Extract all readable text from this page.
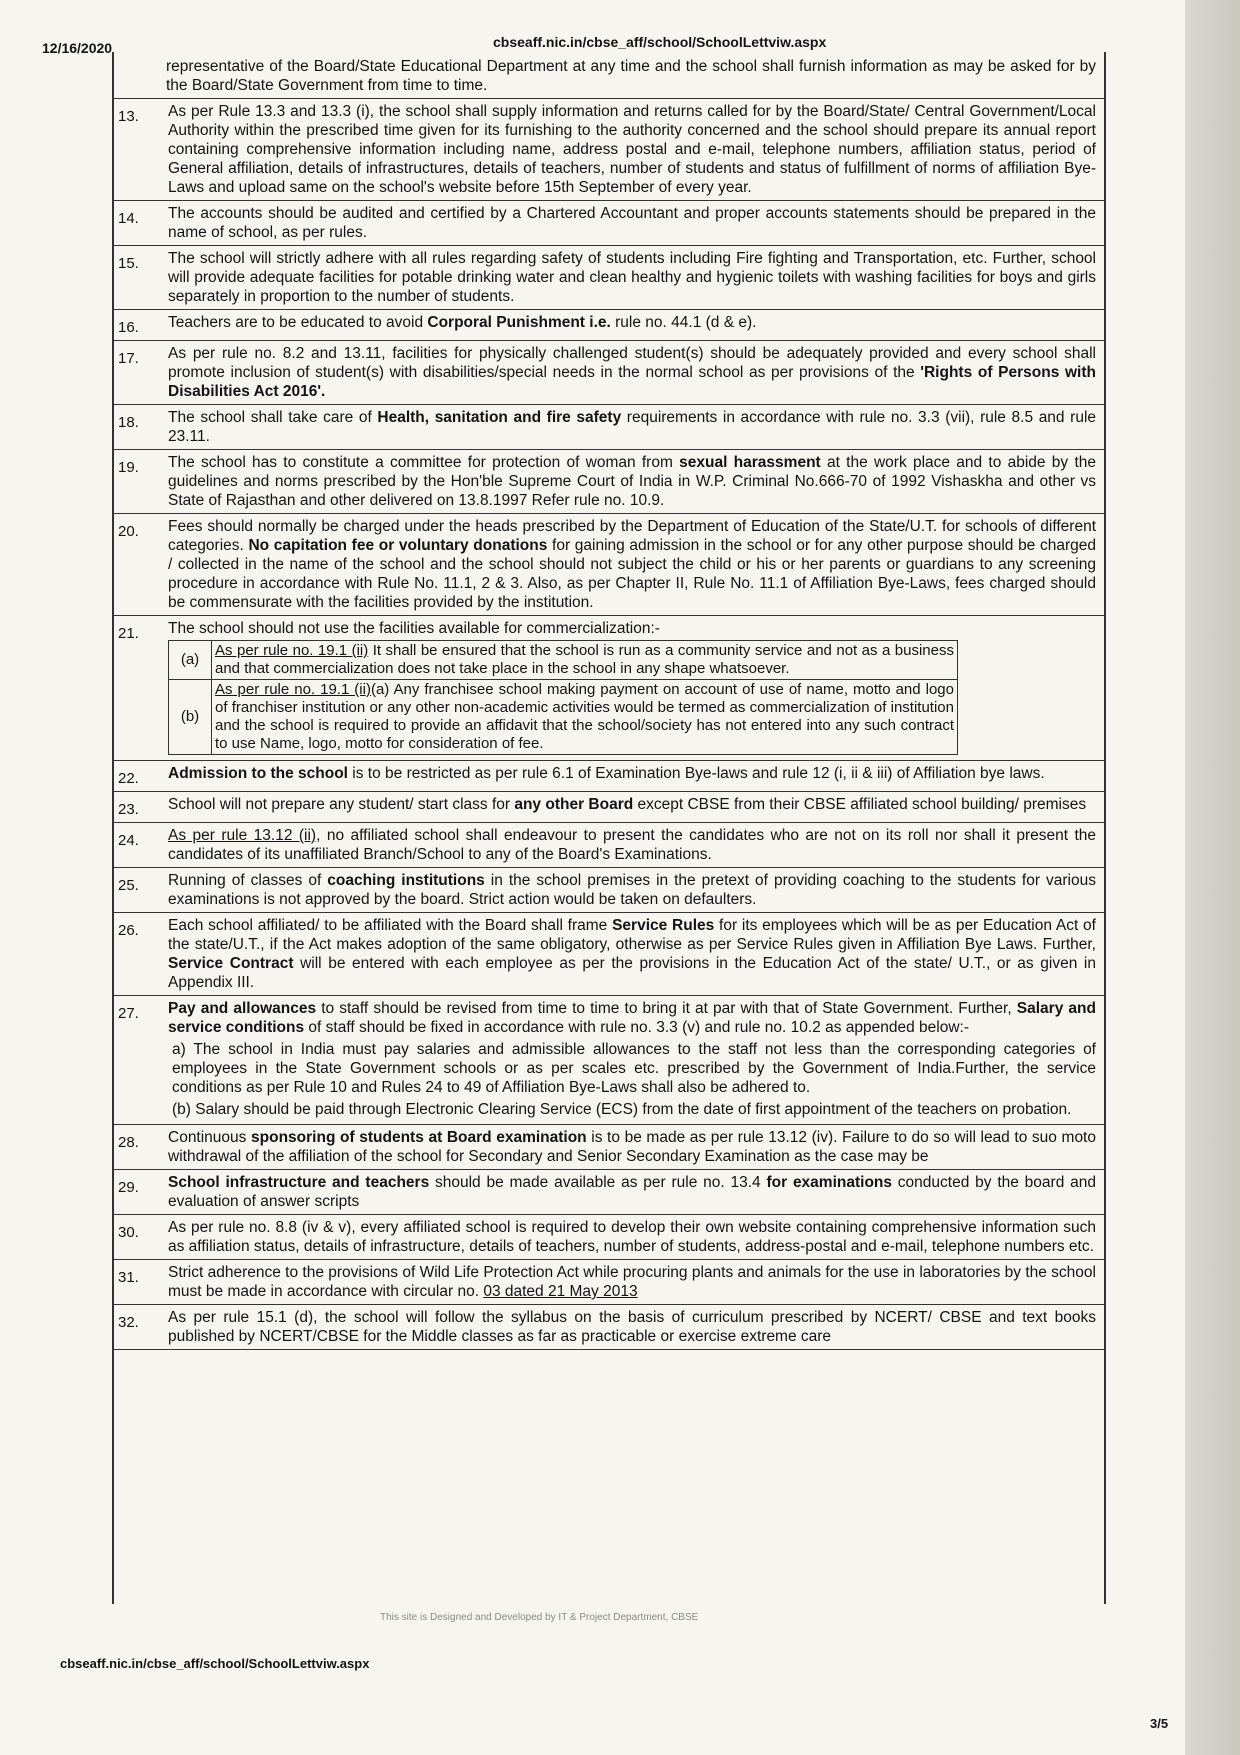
12/16/2020	cbseaff.nic.in/cbse_aff/school/SchoolLettviw.aspx
representative of the Board/State Educational Department at any time and the school shall furnish information as may be asked for by the Board/State Government from time to time.
13.	As per Rule 13.3 and 13.3 (i), the school shall supply information and returns called for by the Board/State/ Central Government/Local Authority within the prescribed time given for its furnishing to the authority concerned and the school should prepare its annual report containing comprehensive information including name, address postal and e-mail, telephone numbers, affiliation status, period of General affiliation, details of infrastructures, details of teachers, number of students and status of fulfillment of norms of affiliation Bye-Laws and upload same on the school's website before 15th September of every year.
14.	The accounts should be audited and certified by a Chartered Accountant and proper accounts statements should be prepared in the name of school, as per rules.
15.	The school will strictly adhere with all rules regarding safety of students including Fire fighting and Transportation, etc. Further, school will provide adequate facilities for potable drinking water and clean healthy and hygienic toilets with washing facilities for boys and girls separately in proportion to the number of students.
16.	Teachers are to be educated to avoid Corporal Punishment i.e. rule no. 44.1 (d & e).
17.	As per rule no. 8.2 and 13.11, facilities for physically challenged student(s) should be adequately provided and every school shall promote inclusion of student(s) with disabilities/special needs in the normal school as per provisions of the 'Rights of Persons with Disabilities Act 2016'.
18.	The school shall take care of Health, sanitation and fire safety requirements in accordance with rule no. 3.3 (vii), rule 8.5 and rule 23.11.
19.	The school has to constitute a committee for protection of woman from sexual harassment at the work place and to abide by the guidelines and norms prescribed by the Hon'ble Supreme Court of India in W.P. Criminal No.666-70 of 1992 Vishaskha and other vs State of Rajasthan and other delivered on 13.8.1997 Refer rule no. 10.9.
20.	Fees should normally be charged under the heads prescribed by the Department of Education of the State/U.T. for schools of different categories. No capitation fee or voluntary donations for gaining admission in the school or for any other purpose should be charged / collected in the name of the school and the school should not subject the child or his or her parents or guardians to any screening procedure in accordance with Rule No. 11.1, 2 & 3. Also, as per Chapter II, Rule No. 11.1 of Affiliation Bye-Laws, fees charged should be commensurate with the facilities provided by the institution.
21.	The school should not use the facilities available for commercialization:-
(a)	As per rule no. 19.1 (ii) It shall be ensured that the school is run as a community service and not as a business and that commercialization does not take place in the school in any shape whatsoever.
(b)	As per rule no. 19.1 (ii)(a) Any franchisee school making payment on account of use of name, motto and logo of franchiser institution or any other non-academic activities would be termed as commercialization of institution and the school is required to provide an affidavit that the school/society has not entered into any such contract to use Name, logo, motto for consideration of fee.
22.	Admission to the school is to be restricted as per rule 6.1 of Examination Bye-laws and rule 12 (i, ii & iii) of Affiliation bye laws.
23.	School will not prepare any student/ start class for any other Board except CBSE from their CBSE affiliated school building/ premises
24.	As per rule 13.12 (ii), no affiliated school shall endeavour to present the candidates who are not on its roll nor shall it present the candidates of its unaffiliated Branch/School to any of the Board's Examinations.
25.	Running of classes of coaching institutions in the school premises in the pretext of providing coaching to the students for various examinations is not approved by the board. Strict action would be taken on defaulters.
26.	Each school affiliated/ to be affiliated with the Board shall frame Service Rules for its employees which will be as per Education Act of the state/U.T., if the Act makes adoption of the same obligatory, otherwise as per Service Rules given in Affiliation Bye Laws. Further, Service Contract will be entered with each employee as per the provisions in the Education Act of the state/ U.T., or as given in Appendix III.
27.	Pay and allowances to staff should be revised from time to time to bring it at par with that of State Government. Further, Salary and service conditions of staff should be fixed in accordance with rule no. 3.3 (v) and rule no. 10.2 as appended below:-
a) The school in India must pay salaries and admissible allowances to the staff not less than the corresponding categories of employees in the State Government schools or as per scales etc. prescribed by the Government of India.Further, the service conditions as per Rule 10 and Rules 24 to 49 of Affiliation Bye-Laws shall also be adhered to.
(b) Salary should be paid through Electronic Clearing Service (ECS) from the date of first appointment of the teachers on probation.
28.	Continuous sponsoring of students at Board examination is to be made as per rule 13.12 (iv). Failure to do so will lead to suo moto withdrawal of the affiliation of the school for Secondary and Senior Secondary Examination as the case may be
29.	School infrastructure and teachers should be made available as per rule no. 13.4 for examinations conducted by the board and evaluation of answer scripts
30.	As per rule no. 8.8 (iv & v), every affiliated school is required to develop their own website containing comprehensive information such as affiliation status, details of infrastructure, details of teachers, number of students, address-postal and e-mail, telephone numbers etc.
31.	Strict adherence to the provisions of Wild Life Protection Act while procuring plants and animals for the use in laboratories by the school must be made in accordance with circular no. 03 dated 21 May 2013
32.	As per rule 15.1 (d), the school will follow the syllabus on the basis of curriculum prescribed by NCERT/ CBSE and text books published by NCERT/CBSE for the Middle classes as far as practicable or exercise extreme care
This site is Designed and Developed by IT & Project Department, CBSE
cbseaff.nic.in/cbse_aff/school/SchoolLettviw.aspx
3/5
